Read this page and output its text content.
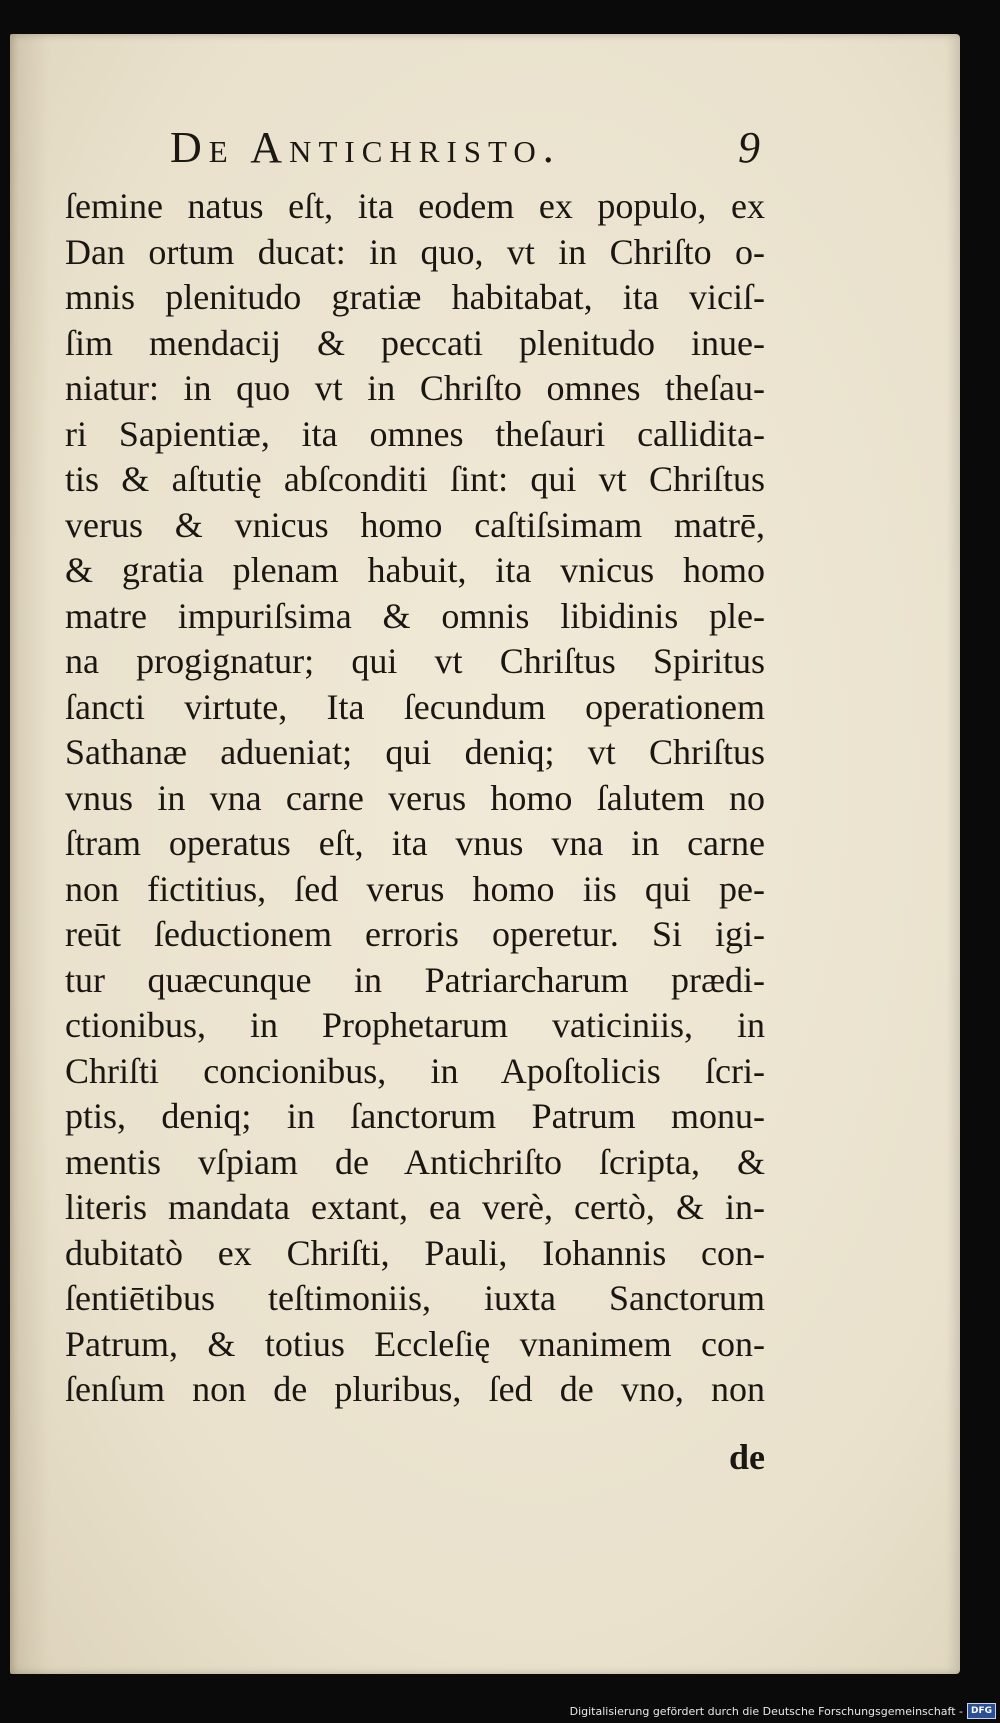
De Antichristo.	9
ſemine natus eſt, ita eodem ex populo, ex
Dan ortum ducat: in quo, vt in Chriſto o-
mnis plenitudo gratiæ habitabat, ita viciſ-
ſim mendacij & peccati plenitudo inue-
niatur: in quo vt in Chriſto omnes theſau-
ri Sapientiæ, ita omnes theſauri callidita-
tis & aſtutię abſconditi ſint: qui vt Chriſtus
verus & vnicus homo caſtiſsimam matrē,
& gratia plenam habuit, ita vnicus homo
matre impuriſsima & omnis libidinis ple-
na progignatur; qui vt Chriſtus Spiritus
ſancti virtute, Ita ſecundum operationem
Sathanæ adueniat; qui deniq; vt Chriſtus
vnus in vna carne verus homo ſalutem no
ſtram operatus eſt, ita vnus vna in carne
non fictitius, ſed verus homo iis qui pe-
reūt ſeductionem erroris operetur. Si igi-
tur quæcunque in Patriarcharum prædi-
ctionibus, in Prophetarum vaticiniis, in
Chriſti concionibus, in Apoſtolicis ſcri-
ptis, deniq; in ſanctorum Patrum monu-
mentis vſpiam de Antichriſto ſcripta, &
literis mandata extant, ea verè, certò, & in-
dubitatò ex Chriſti, Pauli, Iohannis con-
ſentiētibus teſtimoniis, iuxta Sanctorum
Patrum, & totius Eccleſię vnanimem con-
ſenſum non de pluribus, ſed de vno, non
de
Digitalisierung gefördert durch die Deutsche Forschungsgemeinschaft - DFG
